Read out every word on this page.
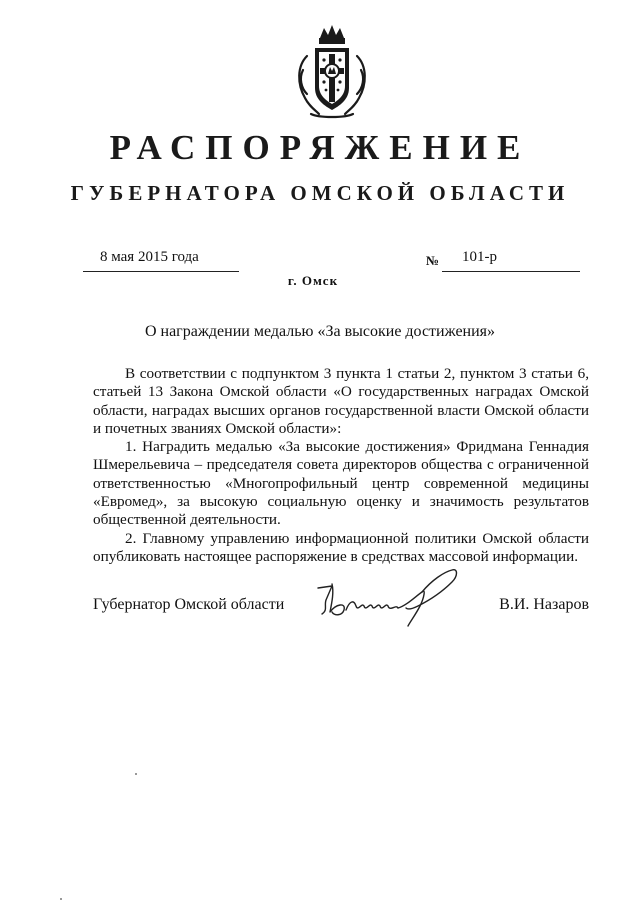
РАСПОРЯЖЕНИЕ
ГУБЕРНАТОРА ОМСКОЙ ОБЛАСТИ
8 мая 2015 года	№ 101-р
г. Омск
О награждении медалью «За высокие достижения»

В соответствии с подпунктом 3 пункта 1 статьи 2, пунктом 3 статьи 6, статьей 13 Закона Омской области «О государственных наградах Омской области, наградах высших органов государственной власти Омской области и почетных званиях Омской области»:

1. Наградить медалью «За высокие достижения» Фридмана Геннадия Шмерельевича – председателя совета директоров общества с ограниченной ответственностью «Многопрофильный центр современной медицины «Евромед», за высокую социальную оценку и значимость результатов общественной деятельности.

2. Главному управлению информационной политики Омской области опубликовать настоящее распоряжение в средствах массовой информации.

Губернатор Омской области	В.И. Назаров
